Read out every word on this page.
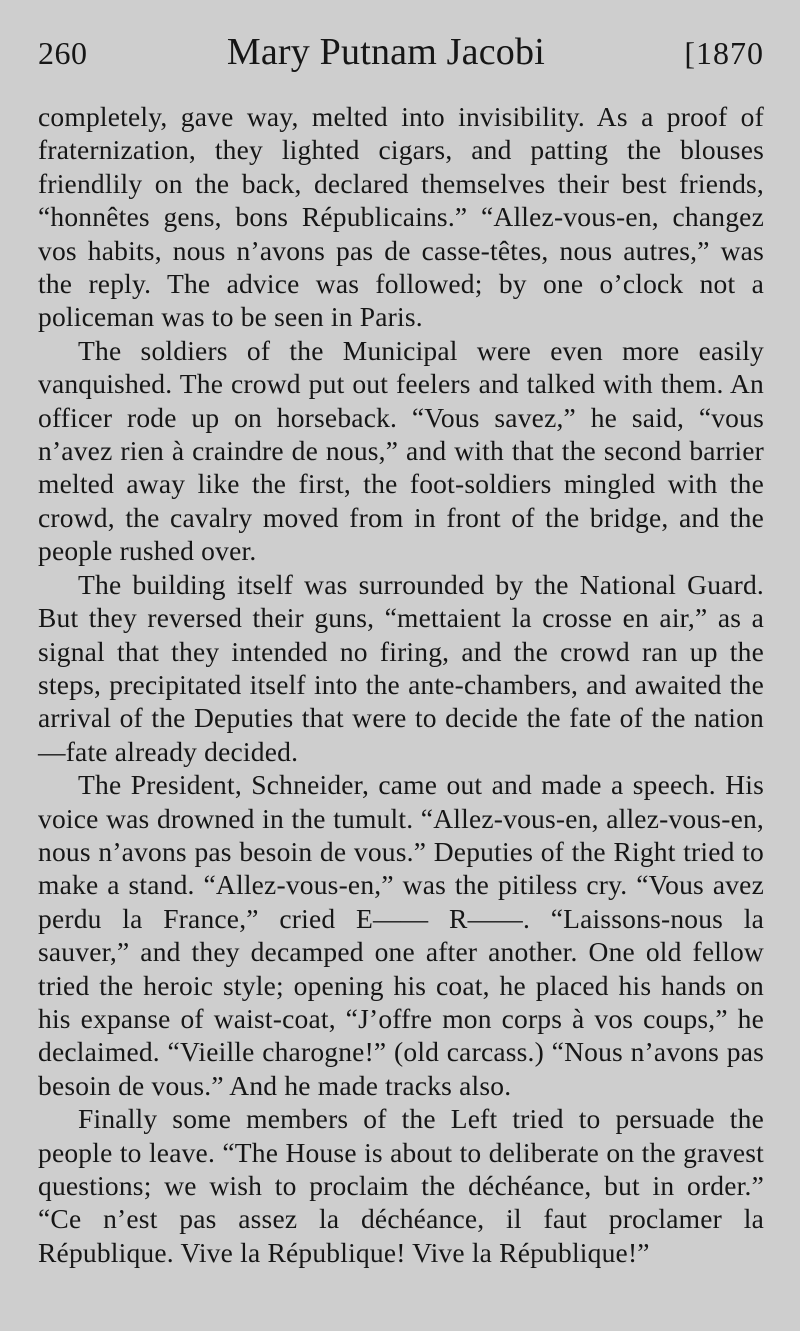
260	Mary Putnam Jacobi	[1870

completely, gave way, melted into invisibility. As a proof of fraternization, they lighted cigars, and patting the blouses friendlily on the back, declared themselves their best friends, “honnêtes gens, bons Républicains.” “Allez-vous-en, changez vos habits, nous n’avons pas de casse-têtes, nous autres,” was the reply. The advice was followed; by one o’clock not a policeman was to be seen in Paris.

The soldiers of the Municipal were even more easily vanquished. The crowd put out feelers and talked with them. An officer rode up on horseback. “Vous savez,” he said, “vous n’avez rien à craindre de nous,” and with that the second barrier melted away like the first, the foot-soldiers mingled with the crowd, the cavalry moved from in front of the bridge, and the people rushed over.

The building itself was surrounded by the National Guard. But they reversed their guns, “mettaient la crosse en air,” as a signal that they intended no firing, and the crowd ran up the steps, precipitated itself into the ante-chambers, and awaited the arrival of the Deputies that were to decide the fate of the nation—fate already decided.

The President, Schneider, came out and made a speech. His voice was drowned in the tumult. “Allez-vous-en, allez-vous-en, nous n’avons pas besoin de vous.” Deputies of the Right tried to make a stand. “Allez-vous-en,” was the pitiless cry. “Vous avez perdu la France,” cried E—— R——. “Laissons-nous la sauver,” and they decamped one after another. One old fellow tried the heroic style; opening his coat, he placed his hands on his expanse of waist-coat, “J’offre mon corps à vos coups,” he declaimed. “Vieille charogne!” (old carcass.) “Nous n’avons pas besoin de vous.” And he made tracks also.

Finally some members of the Left tried to persuade the people to leave. “The House is about to deliberate on the gravest questions; we wish to proclaim the déchéance, but in order.” “Ce n’est pas assez la déchéance, il faut proclamer la République. Vive la République! Vive la République!”
